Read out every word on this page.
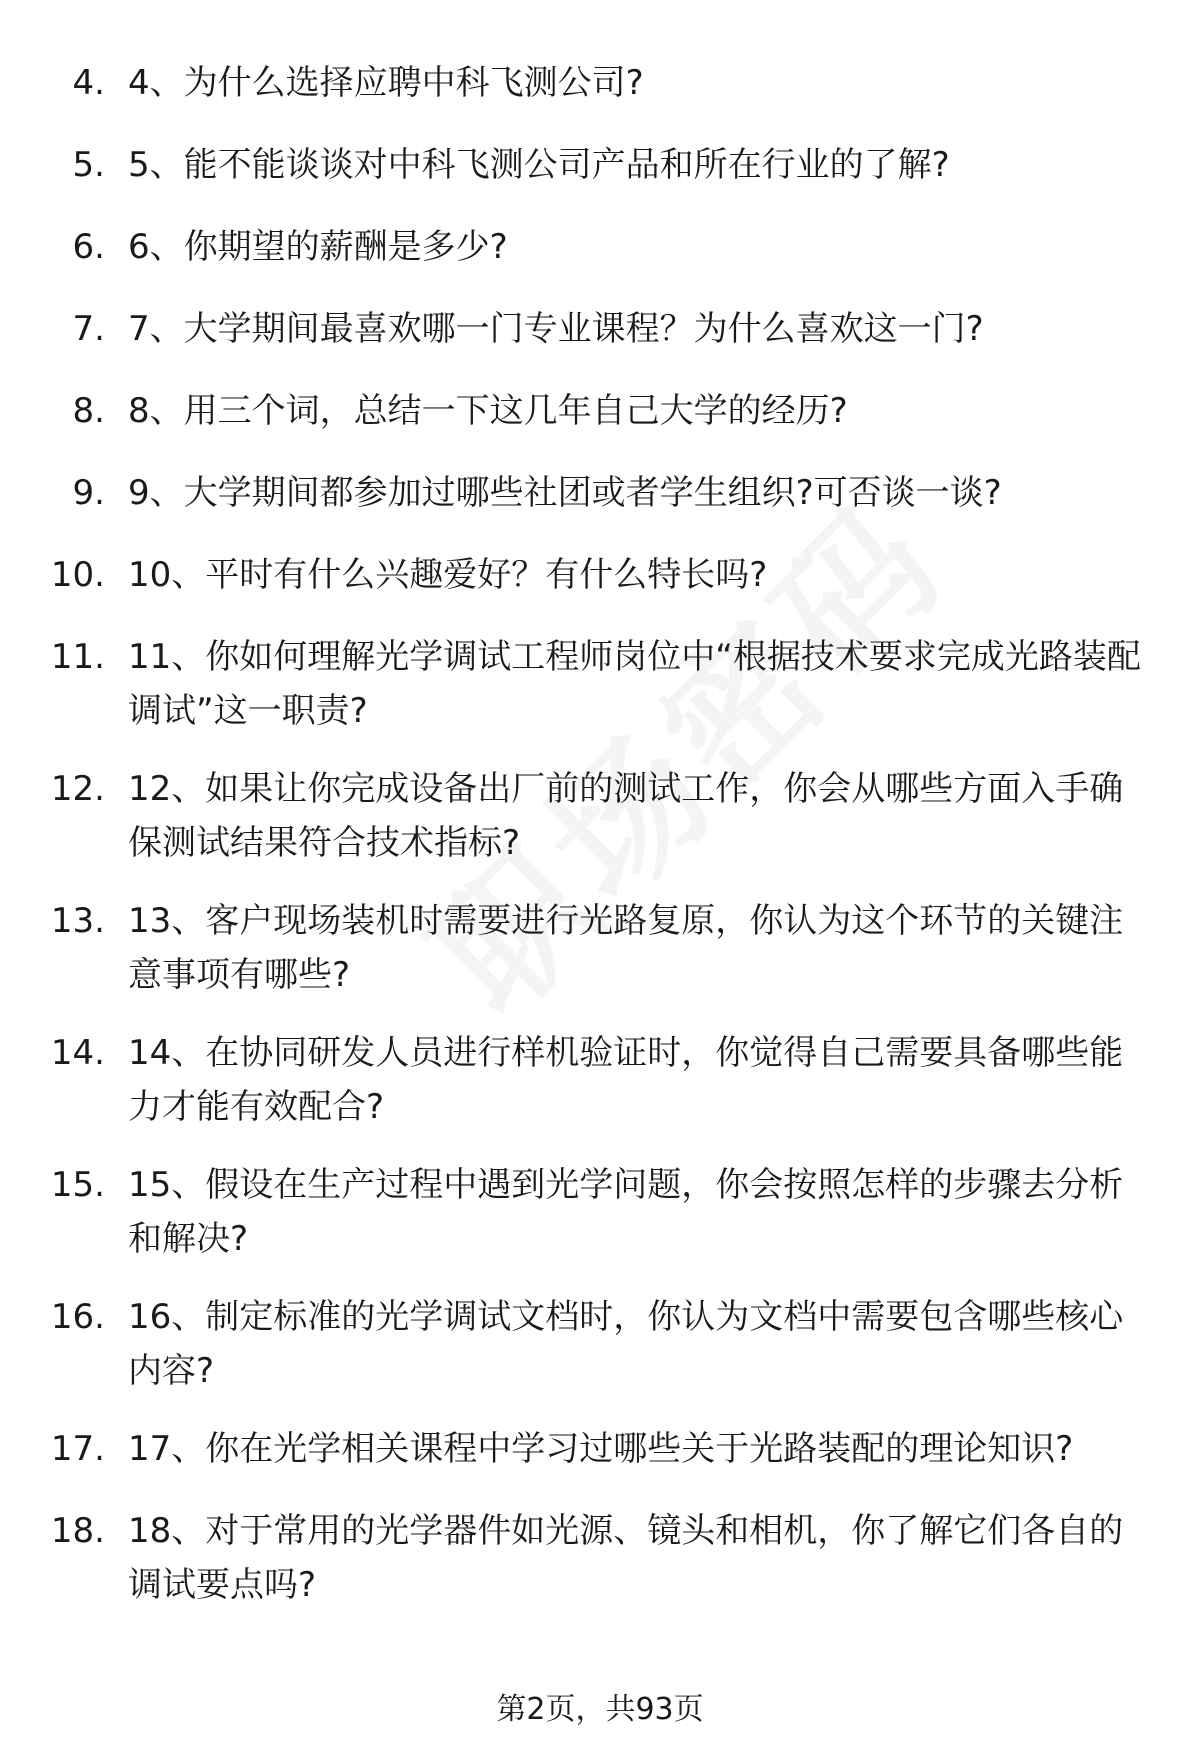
4. 4、为什么选择应聘中科飞测公司?
5. 5、能不能谈谈对中科飞测公司产品和所在行业的了解?
6. 6、你期望的薪酬是多少?
7. 7、大学期间最喜欢哪一门专业课程？为什么喜欢这一门?
8. 8、用三个词，总结一下这几年自己大学的经历?
9. 9、大学期间都参加过哪些社团或者学生组织?可否谈一谈?
10. 10、平时有什么兴趣爱好？有什么特长吗?
11. 11、你如何理解光学调试工程师岗位中“根据技术要求完成光路装配调试”这一职责?
12. 12、如果让你完成设备出厂前的测试工作，你会从哪些方面入手确保测试结果符合技术指标?
13. 13、客户现场装机时需要进行光路复原，你认为这个环节的关键注意事项有哪些?
14. 14、在协同研发人员进行样机验证时，你觉得自己需要具备哪些能力才能有效配合?
15. 15、假设在生产过程中遇到光学问题，你会按照怎样的步骤去分析和解决?
16. 16、制定标准的光学调试文档时，你认为文档中需要包含哪些核心内容?
17. 17、你在光学相关课程中学习过哪些关于光路装配的理论知识?
18. 18、对于常用的光学器件如光源、镜头和相机，你了解它们各自的调试要点吗?
第2页，共93页
